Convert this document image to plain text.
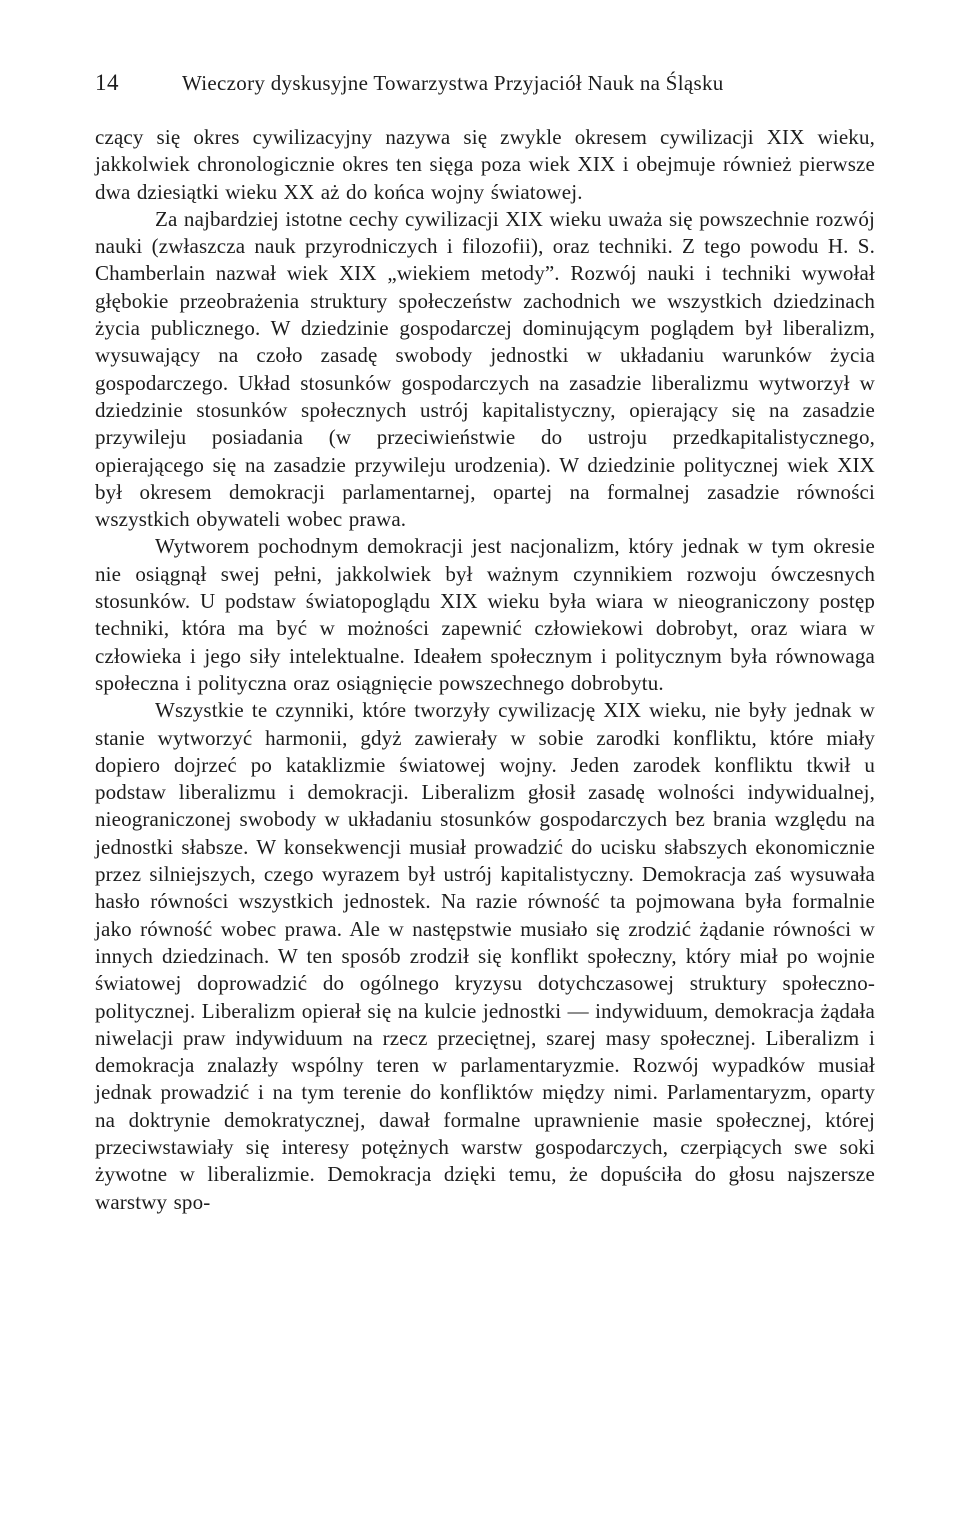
14	Wieczory dyskusyjne Towarzystwa Przyjaciół Nauk na Śląsku

czący się okres cywilizacyjny nazywa się zwykle okresem cywilizacji XIX wieku, jakkolwiek chronologicznie okres ten sięga poza wiek XIX i obejmuje również pierwsze dwa dziesiątki wieku XX aż do końca wojny światowej.

Za najbardziej istotne cechy cywilizacji XIX wieku uważa się powszechnie rozwój nauki (zwłaszcza nauk przyrodniczych i filozofii), oraz techniki. Z tego powodu H. S. Chamberlain nazwał wiek XIX „wiekiem metody”. Rozwój nauki i techniki wywołał głębokie przeobrażenia struktury społeczeństw zachodnich we wszystkich dziedzinach życia publicznego. W dziedzinie gospodarczej dominującym poglądem był liberalizm, wysuwający na czoło zasadę swobody jednostki w układaniu warunków życia gospodarczego. Układ stosunków gospodarczych na zasadzie liberalizmu wytworzył w dziedzinie stosunków społecznych ustrój kapitalistyczny, opierający się na zasadzie przywileju posiadania (w przeciwieństwie do ustroju przedkapitalistycznego, opierającego się na zasadzie przywileju urodzenia). W dziedzinie politycznej wiek XIX był okresem demokracji parlamentarnej, opartej na formalnej zasadzie równości wszystkich obywateli wobec prawa.

Wytworem pochodnym demokracji jest nacjonalizm, który jednak w tym okresie nie osiągnął swej pełni, jakkolwiek był ważnym czynnikiem rozwoju ówczesnych stosunków. U podstaw światopoglądu XIX wieku była wiara w nieograniczony postęp techniki, która ma być w możności zapewnić człowiekowi dobrobyt, oraz wiara w człowieka i jego siły intelektualne. Ideałem społecznym i politycznym była równowaga społeczna i polityczna oraz osiągnięcie powszechnego dobrobytu.

Wszystkie te czynniki, które tworzyły cywilizację XIX wieku, nie były jednak w stanie wytworzyć harmonii, gdyż zawierały w sobie zarodki konfliktu, które miały dopiero dojrzeć po kataklizmie światowej wojny. Jeden zarodek konfliktu tkwił u podstaw liberalizmu i demokracji. Liberalizm głosił zasadę wolności indywidualnej, nieograniczonej swobody w układaniu stosunków gospodarczych bez brania względu na jednostki słabsze. W konsekwencji musiał prowadzić do ucisku słabszych ekonomicznie przez silniejszych, czego wyrazem był ustrój kapitalistyczny. Demokracja zaś wysuwała hasło równości wszystkich jednostek. Na razie równość ta pojmowana była formalnie jako równość wobec prawa. Ale w następstwie musiało się zrodzić żądanie równości w innych dziedzinach. W ten sposób zrodził się konflikt społeczny, który miał po wojnie światowej doprowadzić do ogólnego kryzysu dotychczasowej struktury społeczno-politycznej. Liberalizm opierał się na kulcie jednostki — indywiduum, demokracja żądała niwelacji praw indywiduum na rzecz przeciętnej, szarej masy społecznej. Liberalizm i demokracja znalazły wspólny teren w parlamentaryzmie. Rozwój wypadków musiał jednak prowadzić i na tym terenie do konfliktów między nimi. Parlamentaryzm, oparty na doktrynie demokratycznej, dawał formalne uprawnienie masie społecznej, której przeciwstawiały się interesy potężnych warstw gospodarczych, czerpiących swe soki żywotne w liberalizmie. Demokracja dzięki temu, że dopuściła do głosu najszersze warstwy spo-
